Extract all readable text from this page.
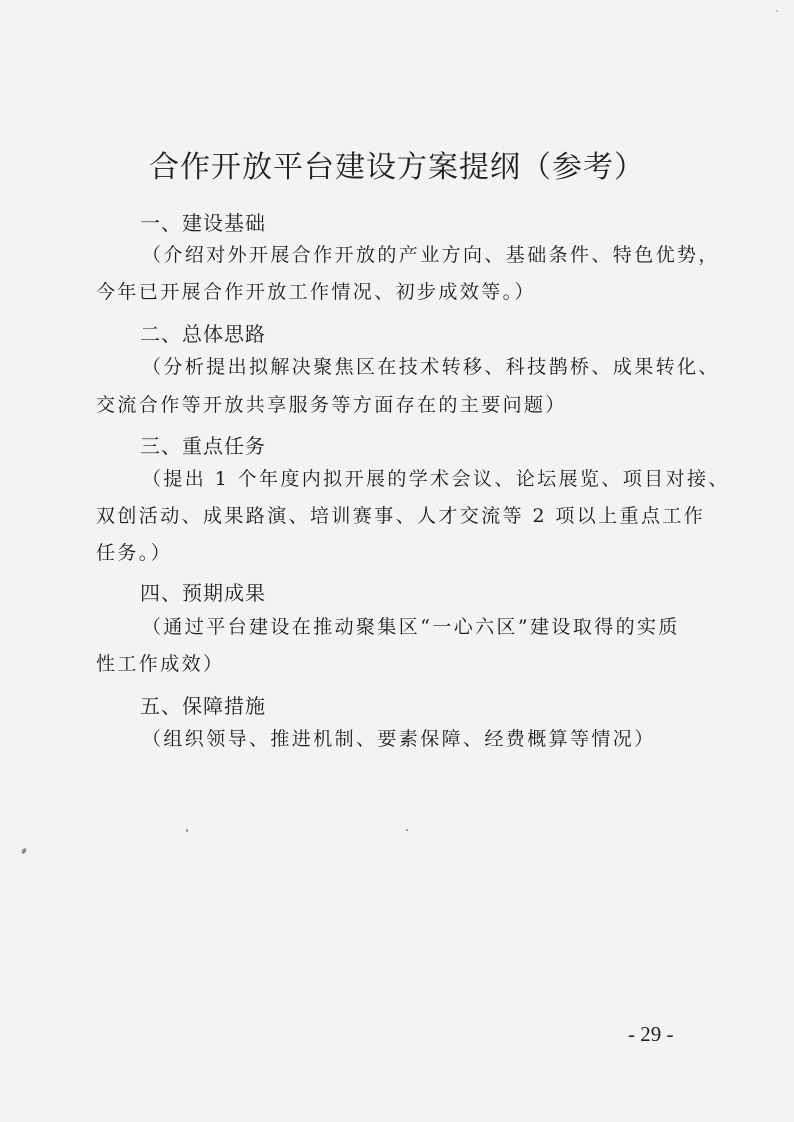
合作开放平台建设方案提纲（参考）
一、建设基础
（介绍对外开展合作开放的产业方向、基础条件、特色优势，
今年已开展合作开放工作情况、初步成效等。）
二、总体思路
（分析提出拟解决聚焦区在技术转移、科技鹊桥、成果转化、
交流合作等开放共享服务等方面存在的主要问题）
三、重点任务
（提出 1 个年度内拟开展的学术会议、论坛展览、项目对接、
双创活动、成果路演、培训赛事、人才交流等 2 项以上重点工作
任务。）
四、预期成果
（通过平台建设在推动聚集区“一心六区”建设取得的实质
性工作成效）
五、保障措施
（组织领导、推进机制、要素保障、经费概算等情况）
- 29 -
